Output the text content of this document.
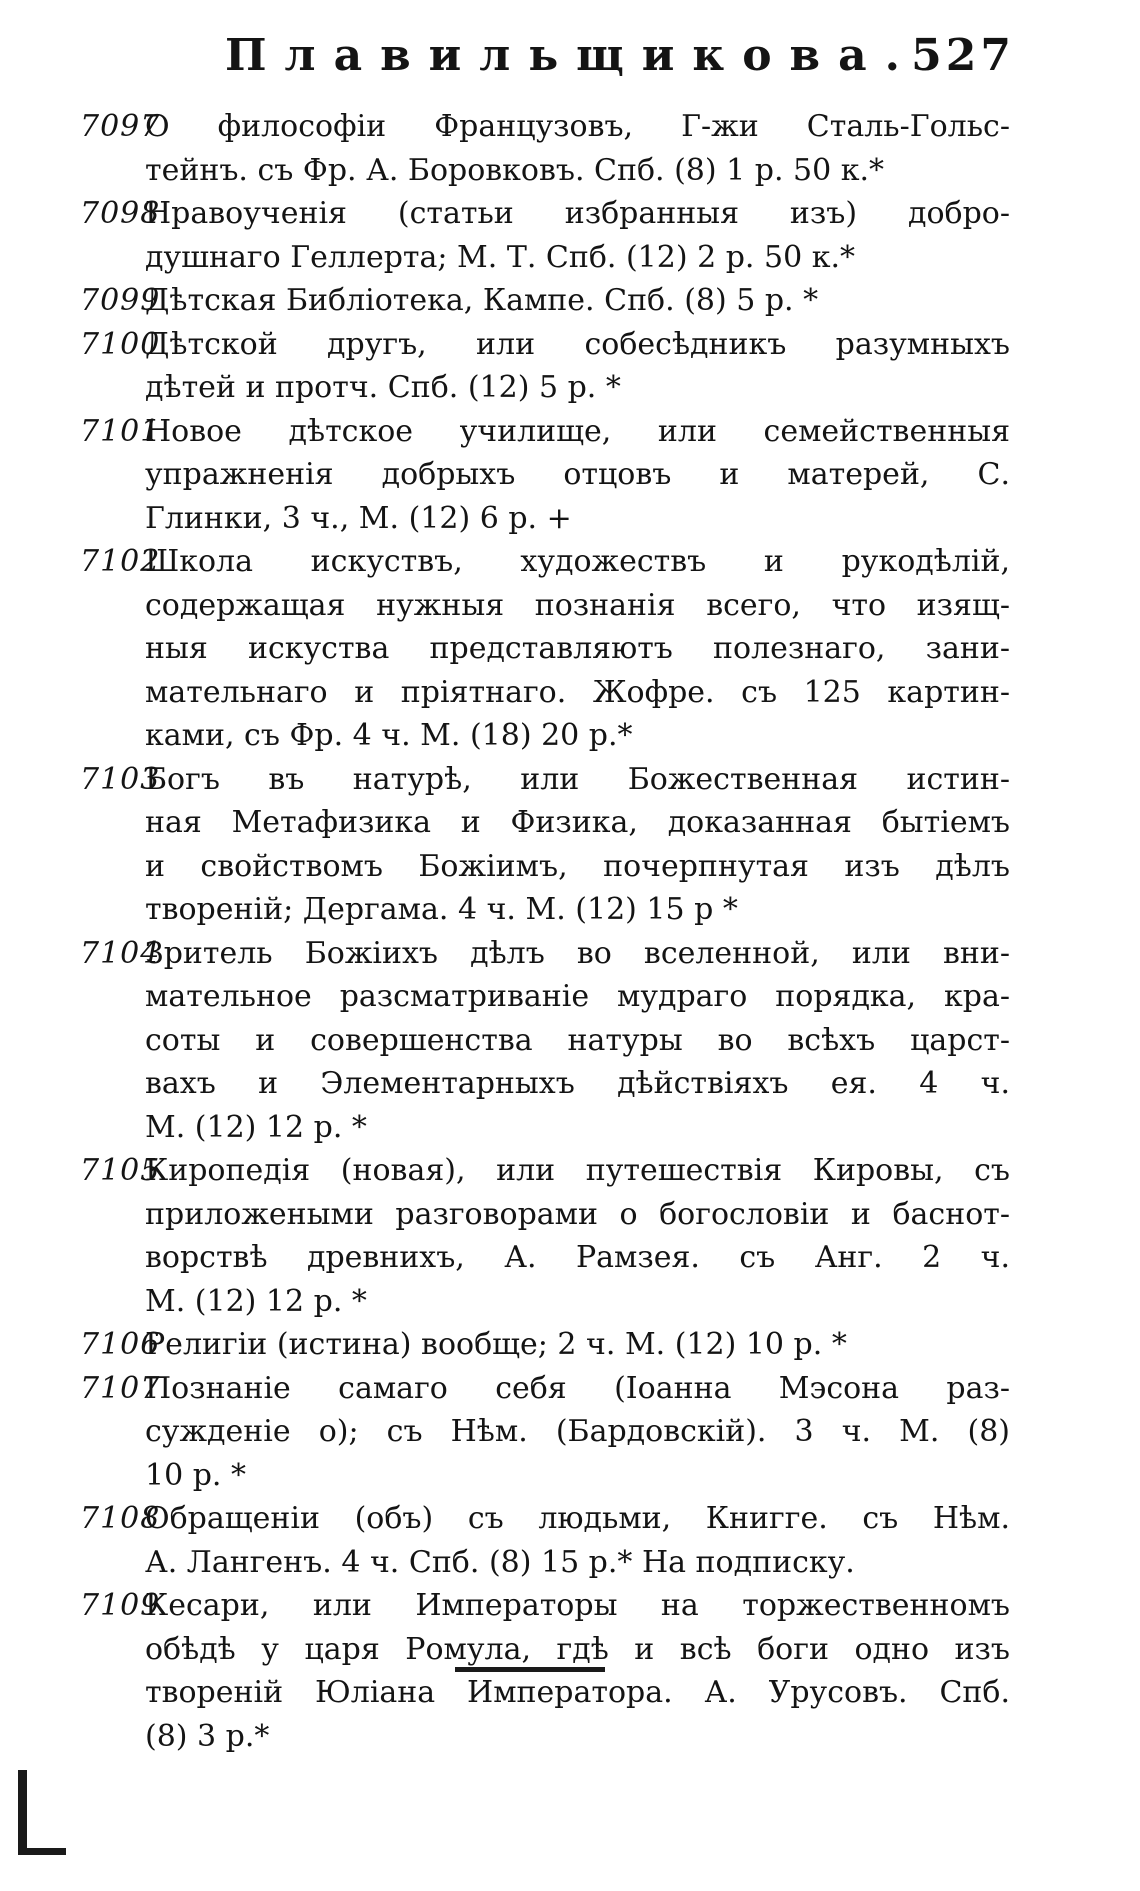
Плавильщикова.
527
7097
О философіи Французовъ, Г-жи Сталь-Гольс-
тейнъ. съ Фр. А. Боровковъ. Спб. (8) 1 р. 50 к.*
7098
Нравоученія (статьи избранныя изъ) добро-
душнаго Геллерта; М. Т. Спб. (12) 2 р. 50 к.*
7099
Дѣтская Библіотека, Кампе. Спб. (8) 5 р. *
7100
Дѣтской другъ, или собесѣдникъ разумныхъ
дѣтей и протч. Спб. (12) 5 р. *
7101
Новое дѣтское училище, или семейственныя
упражненія добрыхъ отцовъ и матерей, С.
Глинки, 3 ч., М. (12) 6 р. +
7102
Школа искуствъ, художествъ и рукодѣлій,
содержащая нужныя познанія всего, что изящ-
ныя искуства представляютъ полезнаго, зани-
мательнаго и пріятнаго. Жофре. съ 125 картин-
ками, съ Фр. 4 ч. М. (18) 20 р.*
7103
Богъ въ натурѣ, или Божественная истин-
ная Метафизика и Физика, доказанная бытіемъ
и свойствомъ Божіимъ, почерпнутая изъ дѣлъ
твореній; Дергама. 4 ч. М. (12) 15 р *
7104
Зритель Божіихъ дѣлъ во вселенной, или вни-
мательное разсматриваніе мудраго порядка, кра-
соты и совершенства натуры во всѣхъ царст-
вахъ и Элементарныхъ дѣйствіяхъ ея. 4 ч.
М. (12) 12 р. *
7105
Киропедія (новая), или путешествія Кировы, съ
приложеными разговорами о богословіи и баснот-
ворствѣ древнихъ, А. Рамзея. съ Анг. 2 ч.
М. (12) 12 р. *
7106
Религіи (истина) вообще; 2 ч. М. (12) 10 р. *
7107
Познаніе самаго себя (Іоанна Мэсона раз-
сужденіе о); съ Нѣм. (Бардовскій). 3 ч. М. (8)
10 р. *
7108
Обращеніи (объ) съ людьми, Книгге. съ Нѣм.
А. Лангенъ. 4 ч. Спб. (8) 15 р.* На подписку.
7109
Кесари, или Императоры на торжественномъ
обѣдѣ у царя Ромула, гдѣ и всѣ боги одно изъ
твореній Юліана Императора. А. Урусовъ. Спб.
(8) 3 р.*
